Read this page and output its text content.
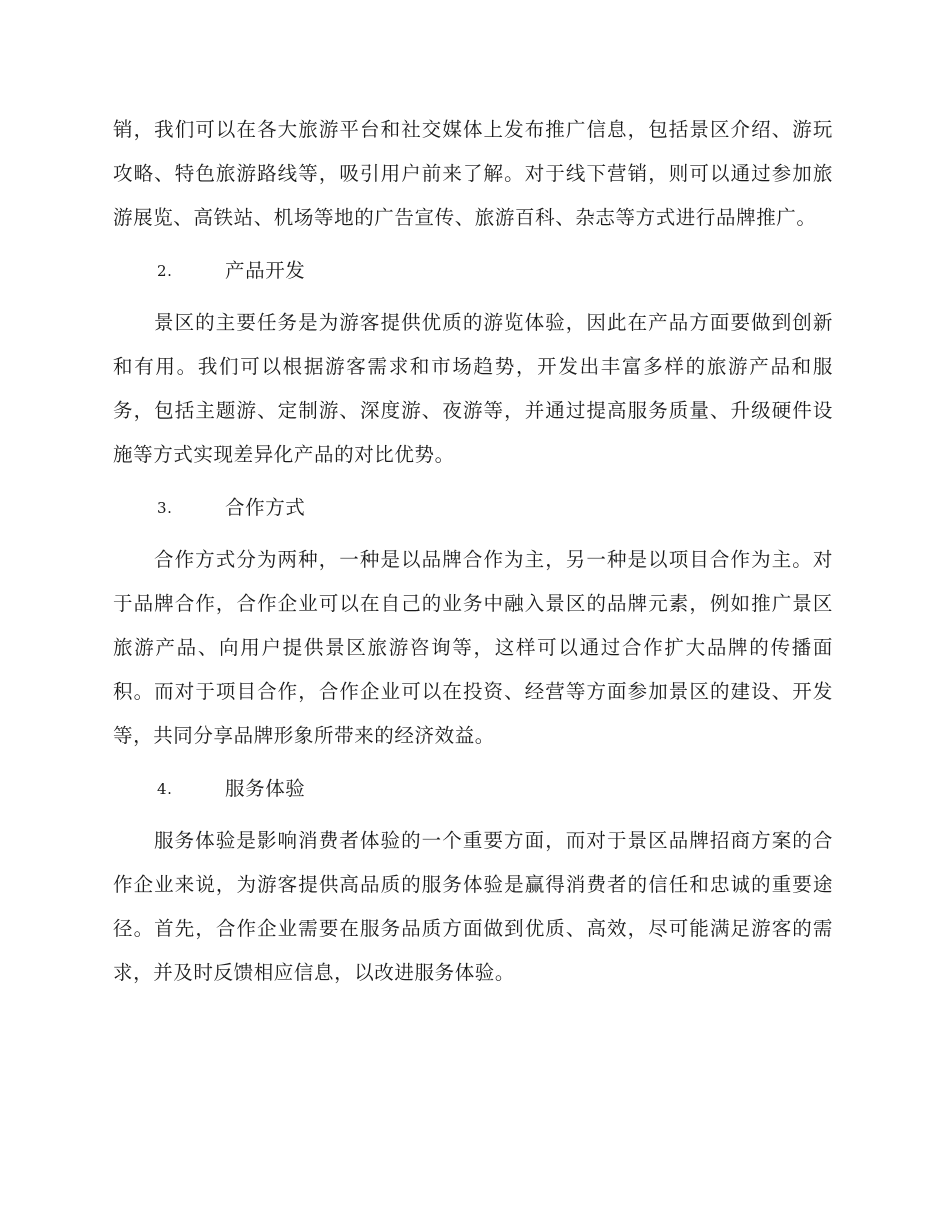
销，我们可以在各大旅游平台和社交媒体上发布推广信息，包括景区介绍、游玩攻略、特色旅游路线等，吸引用户前来了解。对于线下营销，则可以通过参加旅游展览、高铁站、机场等地的广告宣传、旅游百科、杂志等方式进行品牌推广。

2.	产品开发

景区的主要任务是为游客提供优质的游览体验，因此在产品方面要做到创新和有用。我们可以根据游客需求和市场趋势，开发出丰富多样的旅游产品和服务，包括主题游、定制游、深度游、夜游等，并通过提高服务质量、升级硬件设施等方式实现差异化产品的对比优势。

3.	合作方式

合作方式分为两种，一种是以品牌合作为主，另一种是以项目合作为主。对于品牌合作，合作企业可以在自己的业务中融入景区的品牌元素，例如推广景区旅游产品、向用户提供景区旅游咨询等，这样可以通过合作扩大品牌的传播面积。而对于项目合作，合作企业可以在投资、经营等方面参加景区的建设、开发等，共同分享品牌形象所带来的经济效益。

4.	服务体验

服务体验是影响消费者体验的一个重要方面，而对于景区品牌招商方案的合作企业来说，为游客提供高品质的服务体验是赢得消费者的信任和忠诚的重要途径。首先，合作企业需要在服务品质方面做到优质、高效，尽可能满足游客的需求，并及时反馈相应信息，以改进服务体验。
